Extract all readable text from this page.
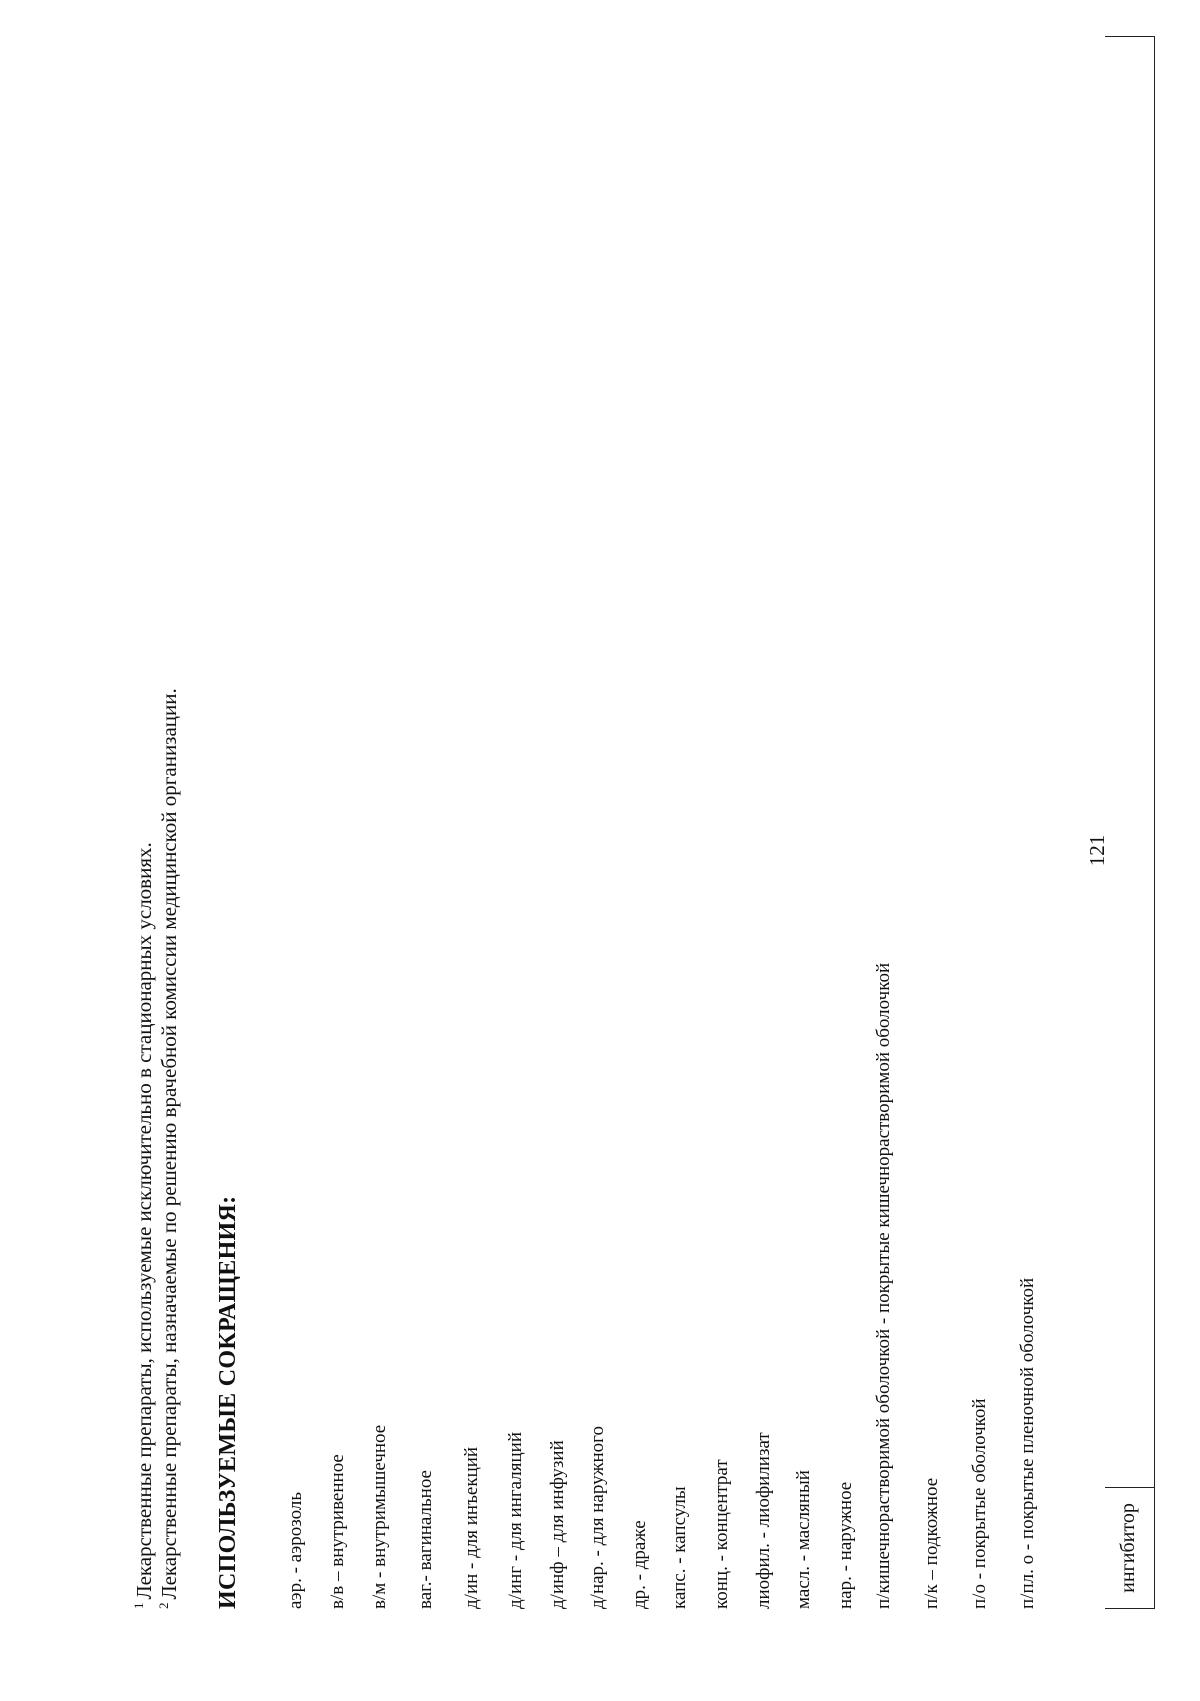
ингибитор
$^1$Лекарственные препараты, используемые исключительно в стационарных условиях.
$^2$Лекарственные препараты, назначаемые по решению врачебной комиссии медицинской организации. ИСПОЛЬЗУЕМЫЕ СОКРАЩЕНИЯ: аэр. - аэрозоль в/в – внутривенное в/м - внутримышечное ваг.- вагинальное д/ин - для инъекций д/инг - для ингаляций д/инф – для инфузий д/нар. - для наружного др. - драже капс. - капсулы конц. - концентрат лиофил. - лиофилизат масл. - масляный нар. - наружное п/кишечнорастворимой оболочкой - покрытые кишечнорастворимой оболочкой п/к – подкожное п/о - покрытые оболочкой п/пл. о - покрытые пленочной оболочкой
121
